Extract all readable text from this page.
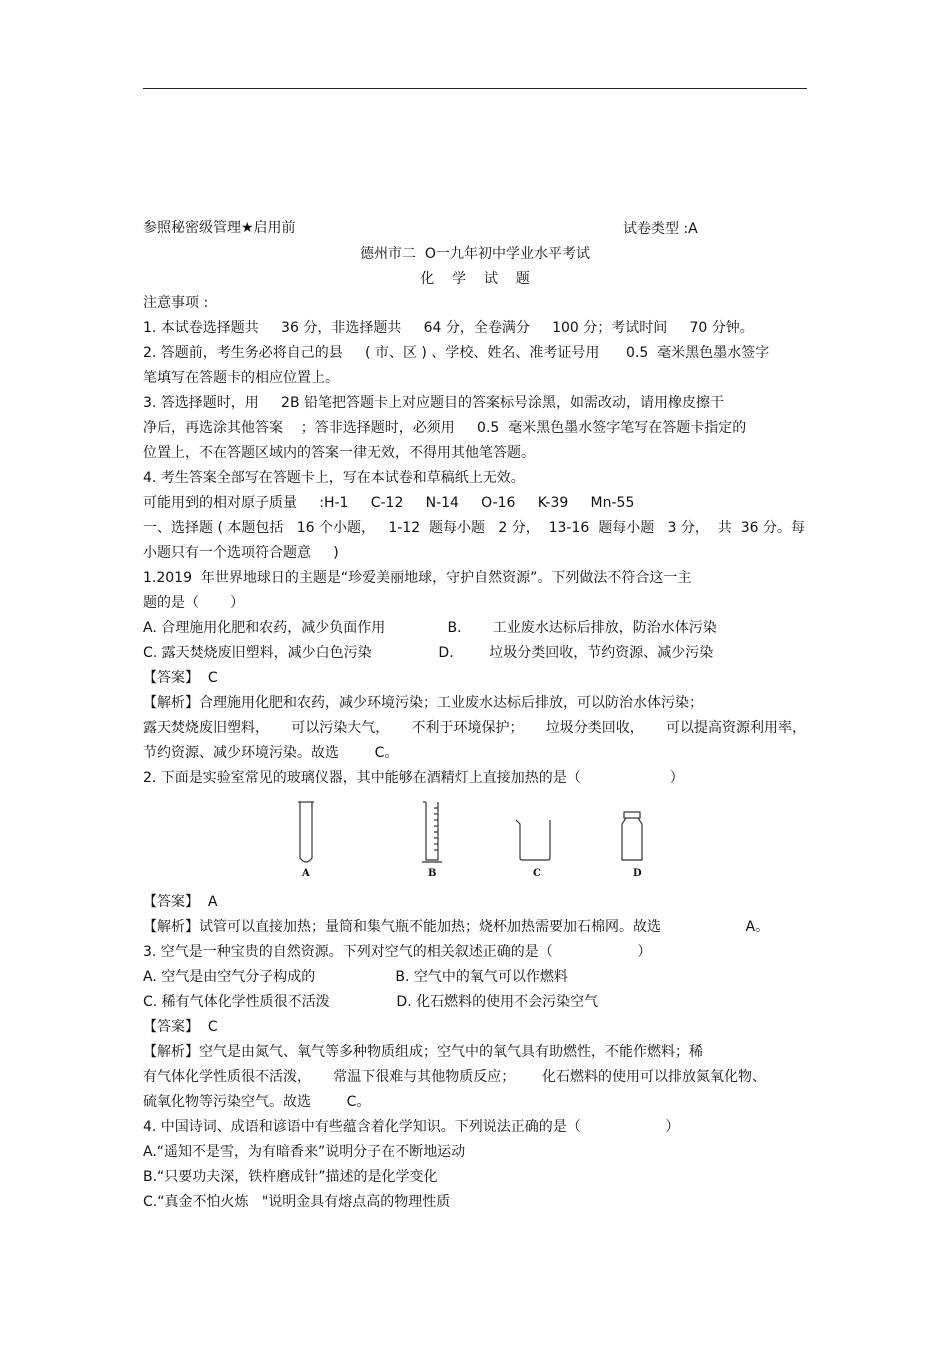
参照秘密级管理★启用前	试卷类型 :A
德州市二  O一九年初中学业水平考试
化    学    试    题
注意事项 :
1. 本试卷选择题共     36 分，非选择题共     64 分，全卷满分     100 分；考试时间     70 分钟。
2. 答题前，考生务必将自己的县     ( 市、区 ) 、学校、姓名、准考证号用      0.5  毫米黑色墨水签字
笔填写在答题卡的相应位置上。
3. 答选择题时，用     2B 铅笔把答题卡上对应题目的答案标号涂黑，如需改动，请用橡皮擦干
净后，再选涂其他答案    ；答非选择题时，必须用     0.5  毫米黑色墨水签字笔写在答题卡指定的
位置上，不在答题区域内的答案一律无效，不得用其他笔答题。
4. 考生答案全部写在答题卡上，写在本试卷和草稿纸上无效。
可能用到的相对原子质量     :H-1     C-12     N-14     O-16     K-39     Mn-55
一、选择题 ( 本题包括   16 个小题，   1-12  题每小题   2 分，  13-16  题每小题   3 分，  共  36 分。每
小题只有一个选项符合题意     )
1.2019  年世界地球日的主题是“珍爱美丽地球，守护自然资源”。下列做法不符合这一主
题的是（       ）
A. 合理施用化肥和农药，减少负面作用              B.       工业废水达标后排放，防治水体污染
C. 露天焚烧废旧塑料，减少白色污染               D.        垃圾分类回收，节约资源、减少污染
【答案】  C
【解析】合理施用化肥和农药，减少环境污染；工业废水达标后排放，可以防治水体污染；
露天焚烧废旧塑料，     可以污染大气，     不利于环境保护；     垃圾分类回收，     可以提高资源利用率，
节约资源、减少环境污染。故选        C。
2. 下面是实验室常见的玻璃仪器，其中能够在酒精灯上直接加热的是（                    ）
A	B	C	D
【答案】  A
【解析】试管可以直接加热；量筒和集气瓶不能加热；烧杯加热需要加石棉网。故选                   A。
3. 空气是一种宝贵的自然资源。下列对空气的相关叙述正确的是（                   ）
A. 空气是由空气分子构成的                  B. 空气中的氧气可以作燃料
C. 稀有气体化学性质很不活泼               D. 化石燃料的使用不会污染空气
【答案】  C
【解析】空气是由氮气、氧气等多种物质组成；空气中的氧气具有助燃性，不能作燃料；稀
有气体化学性质很不活泼，     常温下很难与其他物质反应；      化石燃料的使用可以排放氮氧化物、
硫氧化物等污染空气。故选        C。
4. 中国诗词、成语和谚语中有些蕴含着化学知识。下列说法正确的是（                   ）
A.“遥知不是雪，为有暗香来”说明分子在不断地运动
B.“只要功夫深，铁杵磨成针”描述的是化学变化
C.“真金不怕火炼   "说明金具有熔点高的物理性质
